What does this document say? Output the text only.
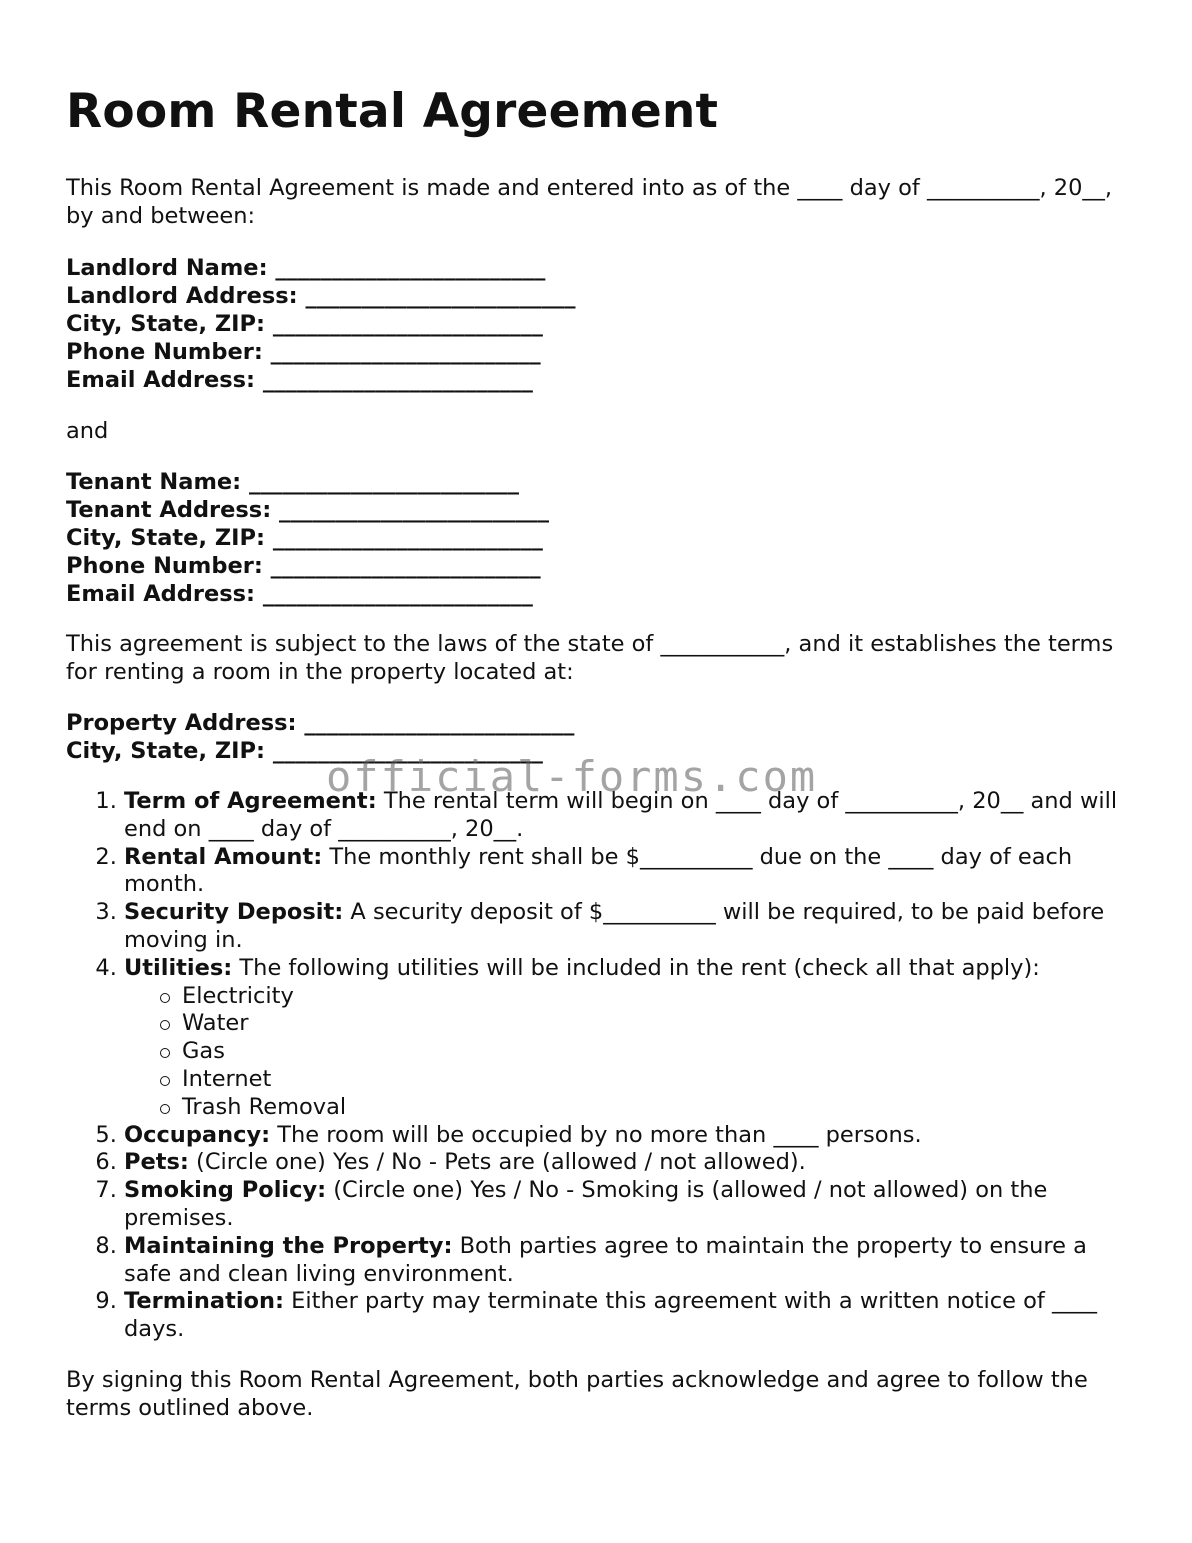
Room Rental Agreement

This Room Rental Agreement is made and entered into as of the ____ day of __________, 20__, by and between:

Landlord Name: ________________________
Landlord Address: ________________________
City, State, ZIP: ________________________
Phone Number: ________________________
Email Address: ________________________

and

Tenant Name: ________________________
Tenant Address: ________________________
City, State, ZIP: ________________________
Phone Number: ________________________
Email Address: ________________________

This agreement is subject to the laws of the state of ___________, and it establishes the terms for renting a room in the property located at:

Property Address: ________________________
City, State, ZIP: ________________________
1. Term of Agreement: The rental term will begin on ____ day of __________, 20__ and will end on ____ day of __________, 20__.
2. Rental Amount: The monthly rent shall be $__________ due on the ____ day of each month.
3. Security Deposit: A security deposit of $__________ will be required, to be paid before moving in.
4. Utilities: The following utilities will be included in the rent (check all that apply):
Electricity
Water
Gas
Internet
Trash Removal
5. Occupancy: The room will be occupied by no more than ____ persons.
6. Pets: (Circle one) Yes / No - Pets are (allowed / not allowed).
7. Smoking Policy: (Circle one) Yes / No - Smoking is (allowed / not allowed) on the premises.
8. Maintaining the Property: Both parties agree to maintain the property to ensure a safe and clean living environment.
9. Termination: Either party may terminate this agreement with a written notice of ____ days.

By signing this Room Rental Agreement, both parties acknowledge and agree to follow the terms outlined above.

official-forms.com
